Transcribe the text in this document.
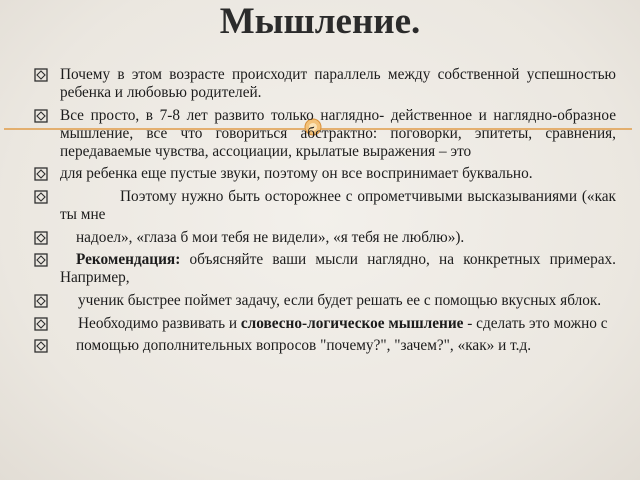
Мышление.
Почему в этом возрасте происходит параллель между собственной успешностью ребенка и любовью родителей.
Все просто, в 7-8 лет развито только наглядно- действенное и наглядно-образное мышление, все что говориться абстрактно: поговорки, эпитеты, сравнения, передаваемые чувства, ассоциации, крылатые выражения – это
для ребенка еще пустые звуки, поэтому он все воспринимает буквально.
Поэтому нужно быть осторожнее с опрометчивыми высказываниями («как ты мне
надоел», «глаза б мои тебя не видели», «я тебя не люблю»).
Рекомендация: объясняйте ваши мысли наглядно, на конкретных примерах. Например,
ученик быстрее поймет задачу, если будет решать ее с помощью вкусных яблок.
Необходимо развивать и словесно-логическое мышление - сделать это можно с
помощью дополнительных вопросов "почему?", "зачем?", «как» и т.д.
